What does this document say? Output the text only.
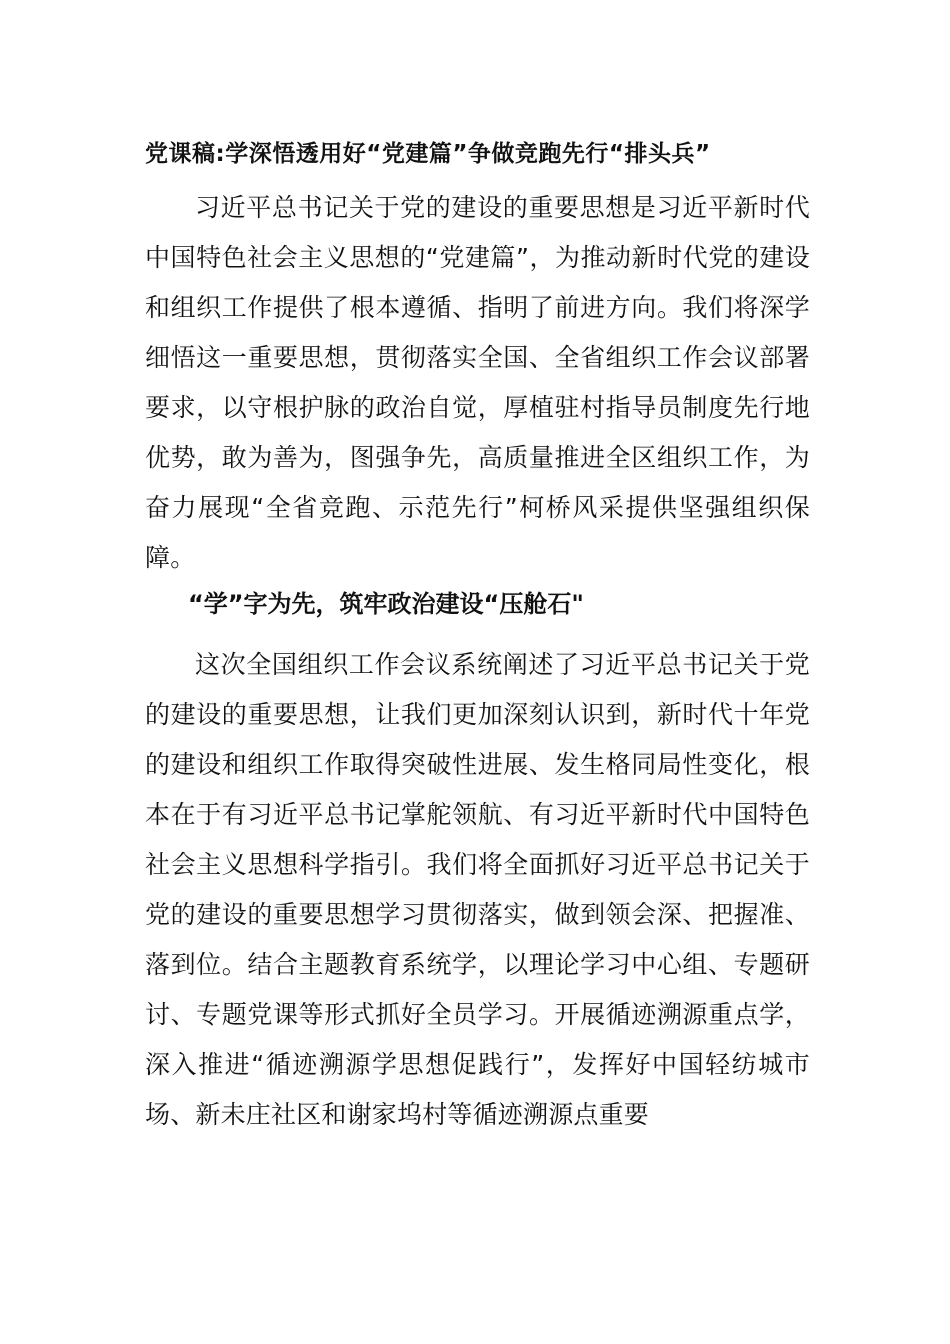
党课稿:学深悟透用好“党建篇”争做竞跑先行“排头兵”

习近平总书记关于党的建设的重要思想是习近平新时代中国特色社会主义思想的“党建篇”，为推动新时代党的建设和组织工作提供了根本遵循、指明了前进方向。我们将深学细悟这一重要思想，贯彻落实全国、全省组织工作会议部署要求，以守根护脉的政治自觉，厚植驻村指导员制度先行地优势，敢为善为，图强争先，高质量推进全区组织工作，为奋力展现“全省竞跑、示范先行”柯桥风采提供坚强组织保障。

“学”字为先，筑牢政治建设“压舱石"

这次全国组织工作会议系统阐述了习近平总书记关于党的建设的重要思想，让我们更加深刻认识到，新时代十年党的建设和组织工作取得突破性进展、发生格同局性变化，根本在于有习近平总书记掌舵领航、有习近平新时代中国特色社会主义思想科学指引。我们将全面抓好习近平总书记关于党的建设的重要思想学习贯彻落实，做到领会深、把握准、落到位。结合主题教育系统学，以理论学习中心组、专题研讨、专题党课等形式抓好全员学习。开展循迹溯源重点学，深入推进“循迹溯源学思想促践行”，发挥好中国轻纺城市场、新未庄社区和谢家坞村等循迹溯源点重要
